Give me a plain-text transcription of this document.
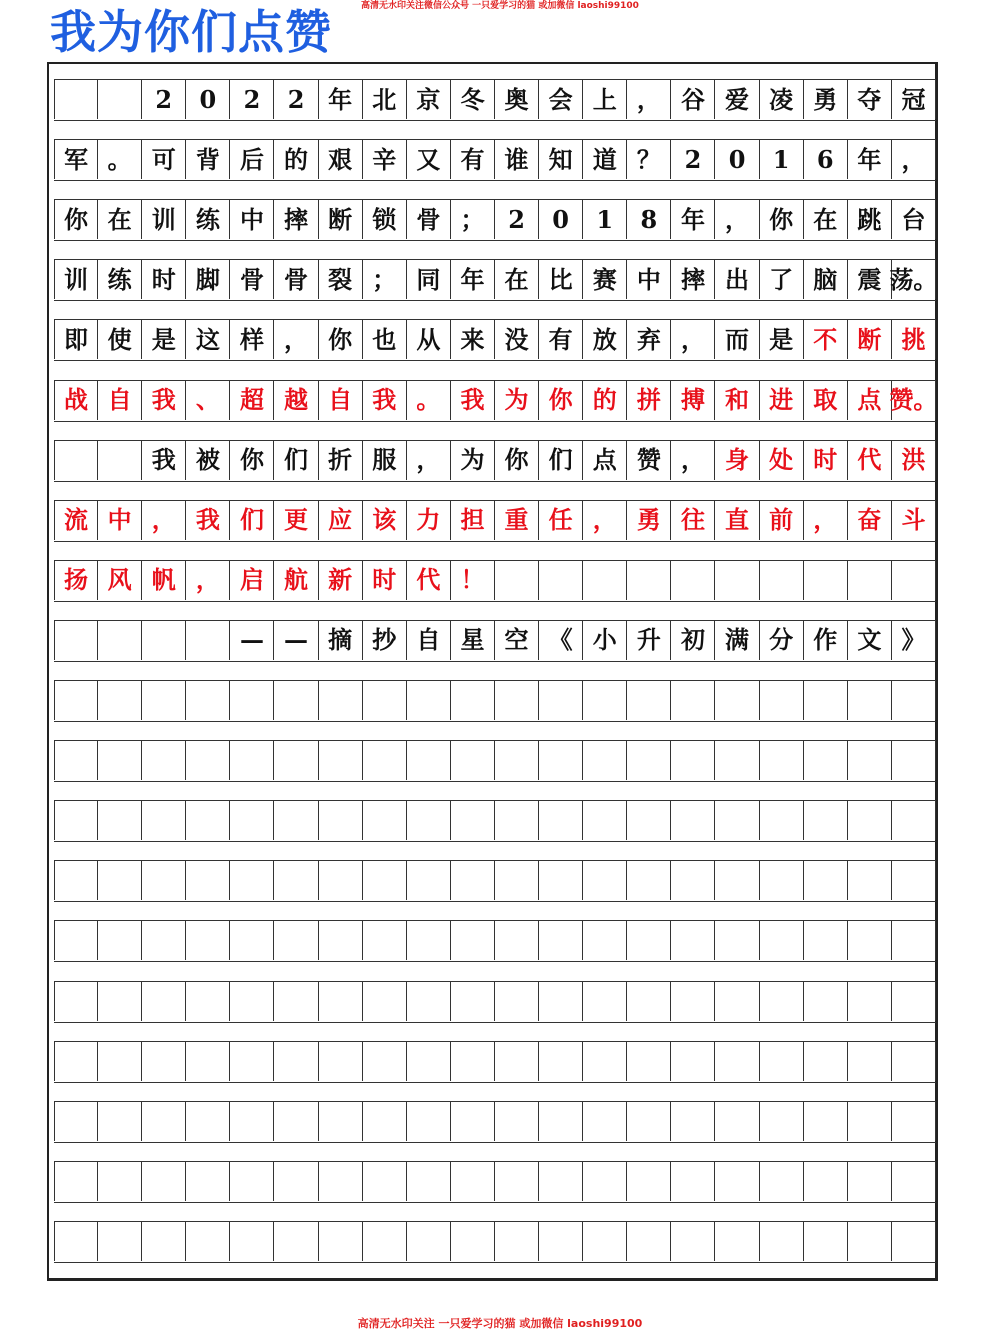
高清无水印关注微信公众号 一只爱学习的猫 或加微信 laoshi99100
我为你们点赞
2	0	2	2 年 北 京 冬 奥 会 上 ， 谷 爱 凌 勇 夺 冠
军 。 可 背 后 的 艰 辛 又 有 谁 知 道 ？ 2	0	1	6 年 ，
你 在 训 练 中 摔 断 锁 骨 ； 2	0	1	8 年 ， 你 在 跳 台
训 练 时 脚 骨 骨 裂 ； 同 年 在 比 赛 中 摔 出 了 脑 震 荡。
即 使 是 这 样 ， 你 也 从 来 没 有 放 弃 ， 而 是 不 断 挑
战 自 我 、 超 越 自 我 。 我 为 你 的 拼 搏 和 进 取 点 赞。
我 被 你 们 折 服 ， 为 你 们 点 赞 ， 身 处 时 代 洪
流 中 ， 我 们 更 应 该 力 担 重 任 ， 勇 往 直 前 ， 奋 斗
扬 风 帆 ， 启 航 新 时 代 ！
— — 摘 抄 自 星 空 《 小 升 初 满 分 作 文 》
高清无水印关注 一只爱学习的猫 或加微信 laoshi99100
